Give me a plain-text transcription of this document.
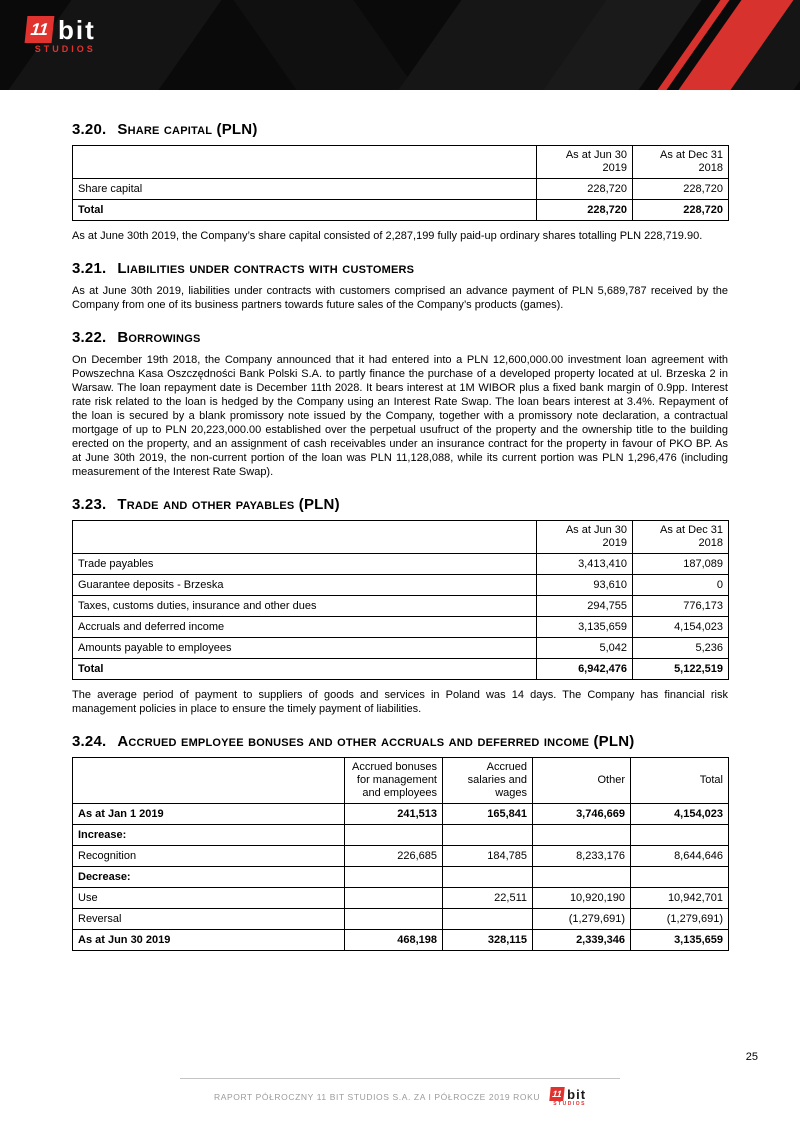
11 bit
STUDIOS
3.20. Share capital (PLN)
	As at Jun 30 2019	As at Dec 31 2018
Share capital	228,720	228,720
Total	228,720	228,720

As at June 30th 2019, the Company’s share capital consisted of 2,287,199 fully paid-up ordinary shares totalling PLN 228,719.90.

3.21. Liabilities under contracts with customers

As at June 30th 2019, liabilities under contracts with customers comprised an advance payment of PLN 5,689,787 received by the Company from one of its business partners towards future sales of the Company’s products (games).

3.22. Borrowings

On December 19th 2018, the Company announced that it had entered into a PLN 12,600,000.00 investment loan agreement with Powszechna Kasa Oszczędności Bank Polski S.A. to partly finance the purchase of a developed property located at ul. Brzeska 2 in Warsaw. The loan repayment date is December 11th 2028. It bears interest at 1M WIBOR plus a fixed bank margin of 0.9pp. Interest rate risk related to the loan is hedged by the Company using an Interest Rate Swap. The loan bears interest at 3.4%. Repayment of the loan is secured by a blank promissory note issued by the Company, together with a promissory note declaration, a contractual mortgage of up to PLN 20,223,000.00 established over the perpetual usufruct of the property and the ownership title to the building erected on the property, and an assignment of cash receivables under an insurance contract for the property in favour of PKO BP. As at June 30th 2019, the non-current portion of the loan was PLN 11,128,088, while its current portion was PLN 1,296,476 (including measurement of the Interest Rate Swap).

3.23. Trade and other payables (PLN)
	As at Jun 30 2019	As at Dec 31 2018
Trade payables	3,413,410	187,089
Guarantee deposits - Brzeska	93,610	0
Taxes, customs duties, insurance and other dues	294,755	776,173
Accruals and deferred income	3,135,659	4,154,023
Amounts payable to employees	5,042	5,236
Total	6,942,476	5,122,519

The average period of payment to suppliers of goods and services in Poland was 14 days. The Company has financial risk management policies in place to ensure the timely payment of liabilities.

3.24. Accrued employee bonuses and other accruals and deferred income (PLN)
	Accrued bonuses for management and employees	Accrued salaries and wages	Other	Total
As at Jan 1 2019	241,513	165,841	3,746,669	4,154,023
Increase:				
Recognition	226,685	184,785	8,233,176	8,644,646
Decrease:				
Use		22,511	10,920,190	10,942,701
Reversal			(1,279,691)	(1,279,691)
As at Jun 30 2019	468,198	328,115	2,339,346	3,135,659
25
RAPORT PÓŁROCZNY 11 BIT STUDIOS S.A. ZA I PÓŁROCZE 2019 ROKU 11 bit
STUDIOS
